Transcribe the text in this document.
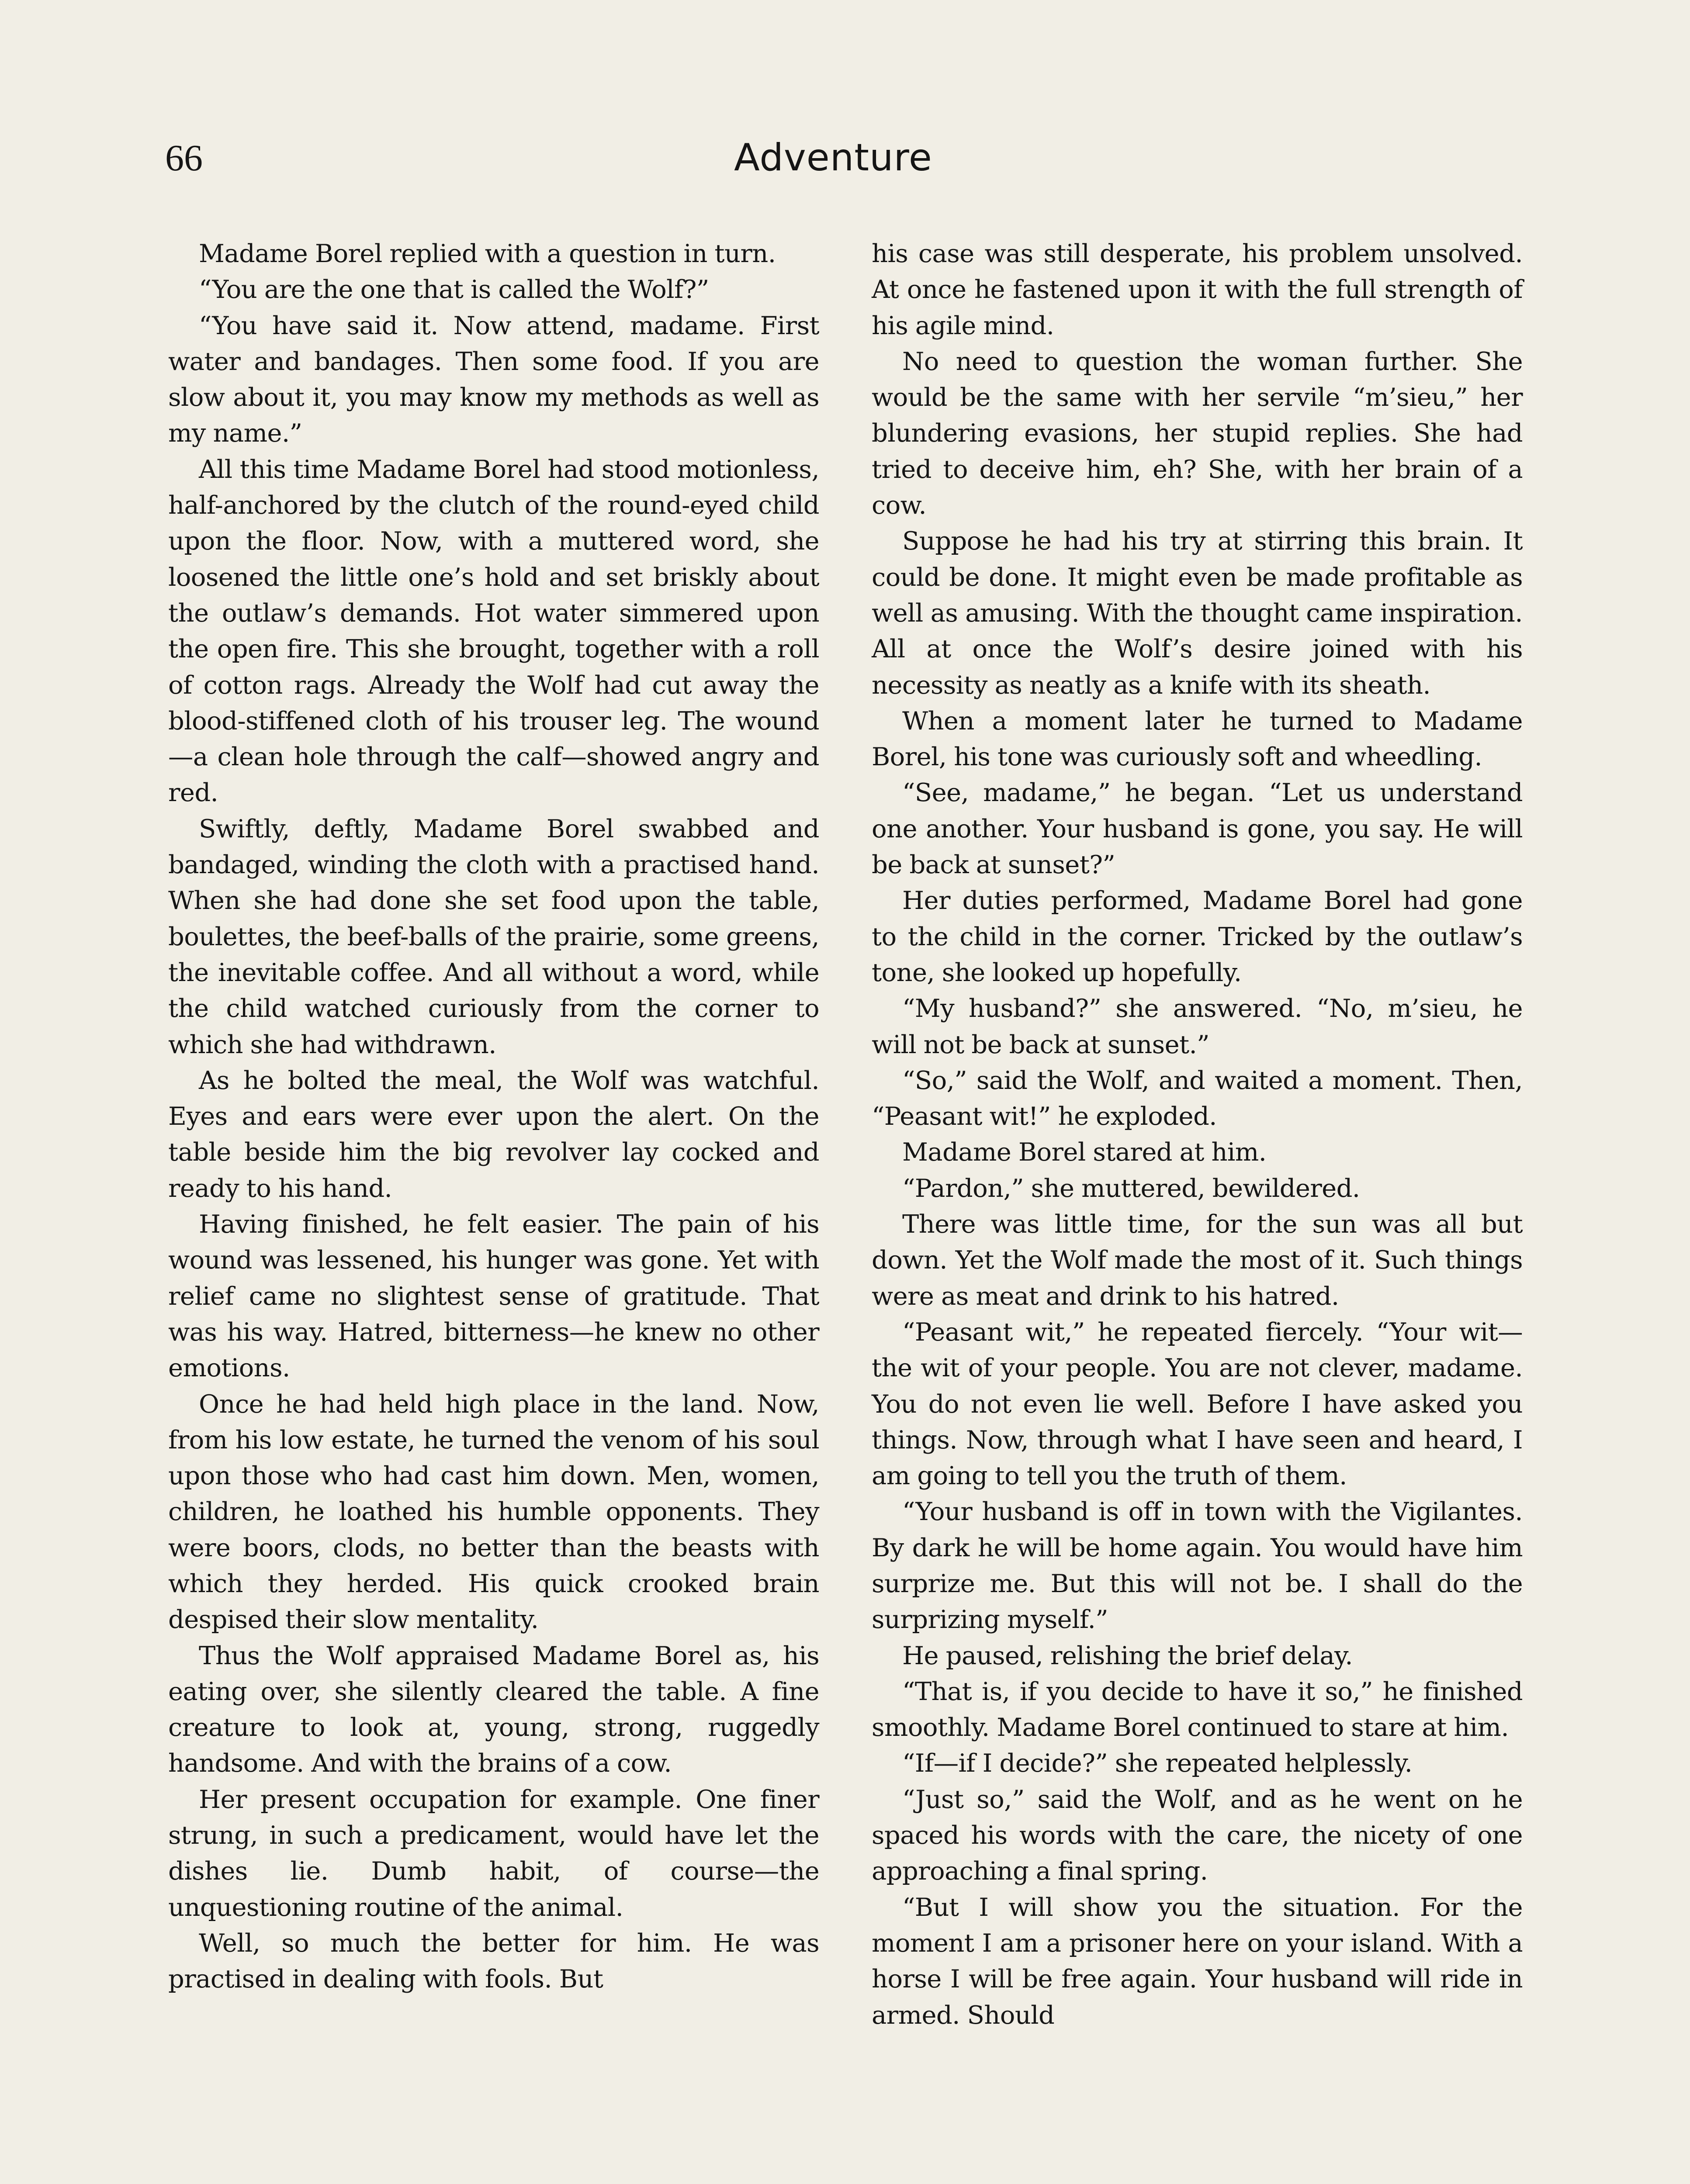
66	Adventure

Madame Borel replied with a question in turn.

“You are the one that is called the Wolf?”

“You have said it. Now attend, madame. First water and bandages. Then some food. If you are slow about it, you may know my methods as well as my name.”

All this time Madame Borel had stood motionless, half-anchored by the clutch of the round-eyed child upon the floor. Now, with a muttered word, she loosened the little one’s hold and set briskly about the outlaw’s demands. Hot water simmered upon the open fire. This she brought, together with a roll of cotton rags. Already the Wolf had cut away the blood-stiffened cloth of his trouser leg. The wound—a clean hole through the calf—showed angry and red.

Swiftly, deftly, Madame Borel swabbed and bandaged, winding the cloth with a practised hand. When she had done she set food upon the table, boulettes, the beef-balls of the prairie, some greens, the inevitable coffee. And all without a word, while the child watched curiously from the corner to which she had withdrawn.

As he bolted the meal, the Wolf was watchful. Eyes and ears were ever upon the alert. On the table beside him the big revolver lay cocked and ready to his hand.

Having finished, he felt easier. The pain of his wound was lessened, his hunger was gone. Yet with relief came no slightest sense of gratitude. That was his way. Hatred, bitterness—he knew no other emotions.

Once he had held high place in the land. Now, from his low estate, he turned the venom of his soul upon those who had cast him down. Men, women, children, he loathed his humble opponents. They were boors, clods, no better than the beasts with which they herded. His quick crooked brain despised their slow mentality.

Thus the Wolf appraised Madame Borel as, his eating over, she silently cleared the table. A fine creature to look at, young, strong, ruggedly handsome. And with the brains of a cow.

Her present occupation for example. One finer strung, in such a predicament, would have let the dishes lie. Dumb habit, of course—the unquestioning routine of the animal.

Well, so much the better for him. He was practised in dealing with fools. But

his case was still desperate, his problem unsolved. At once he fastened upon it with the full strength of his agile mind.

No need to question the woman further. She would be the same with her servile “m’sieu,” her blundering evasions, her stupid replies. She had tried to deceive him, eh? She, with her brain of a cow.

Suppose he had his try at stirring this brain. It could be done. It might even be made profitable as well as amusing. With the thought came inspiration. All at once the Wolf’s desire joined with his necessity as neatly as a knife with its sheath.

When a moment later he turned to Madame Borel, his tone was curiously soft and wheedling.

“See, madame,” he began. “Let us understand one another. Your husband is gone, you say. He will be back at sunset?”

Her duties performed, Madame Borel had gone to the child in the corner. Tricked by the outlaw’s tone, she looked up hopefully.

“My husband?” she answered. “No, m’sieu, he will not be back at sunset.”

“So,” said the Wolf, and waited a moment. Then, “Peasant wit!” he exploded.

Madame Borel stared at him.

“Pardon,” she muttered, bewildered.

There was little time, for the sun was all but down. Yet the Wolf made the most of it. Such things were as meat and drink to his hatred.

“Peasant wit,” he repeated fiercely. “Your wit—the wit of your people. You are not clever, madame. You do not even lie well. Before I have asked you things. Now, through what I have seen and heard, I am going to tell you the truth of them.

“Your husband is off in town with the Vigilantes. By dark he will be home again. You would have him surprize me. But this will not be. I shall do the surprizing myself.”

He paused, relishing the brief delay.

“That is, if you decide to have it so,” he finished smoothly. Madame Borel continued to stare at him.

“If—if I decide?” she repeated helplessly.

“Just so,” said the Wolf, and as he went on he spaced his words with the care, the nicety of one approaching a final spring.

“But I will show you the situation. For the moment I am a prisoner here on your island. With a horse I will be free again. Your husband will ride in armed. Should
